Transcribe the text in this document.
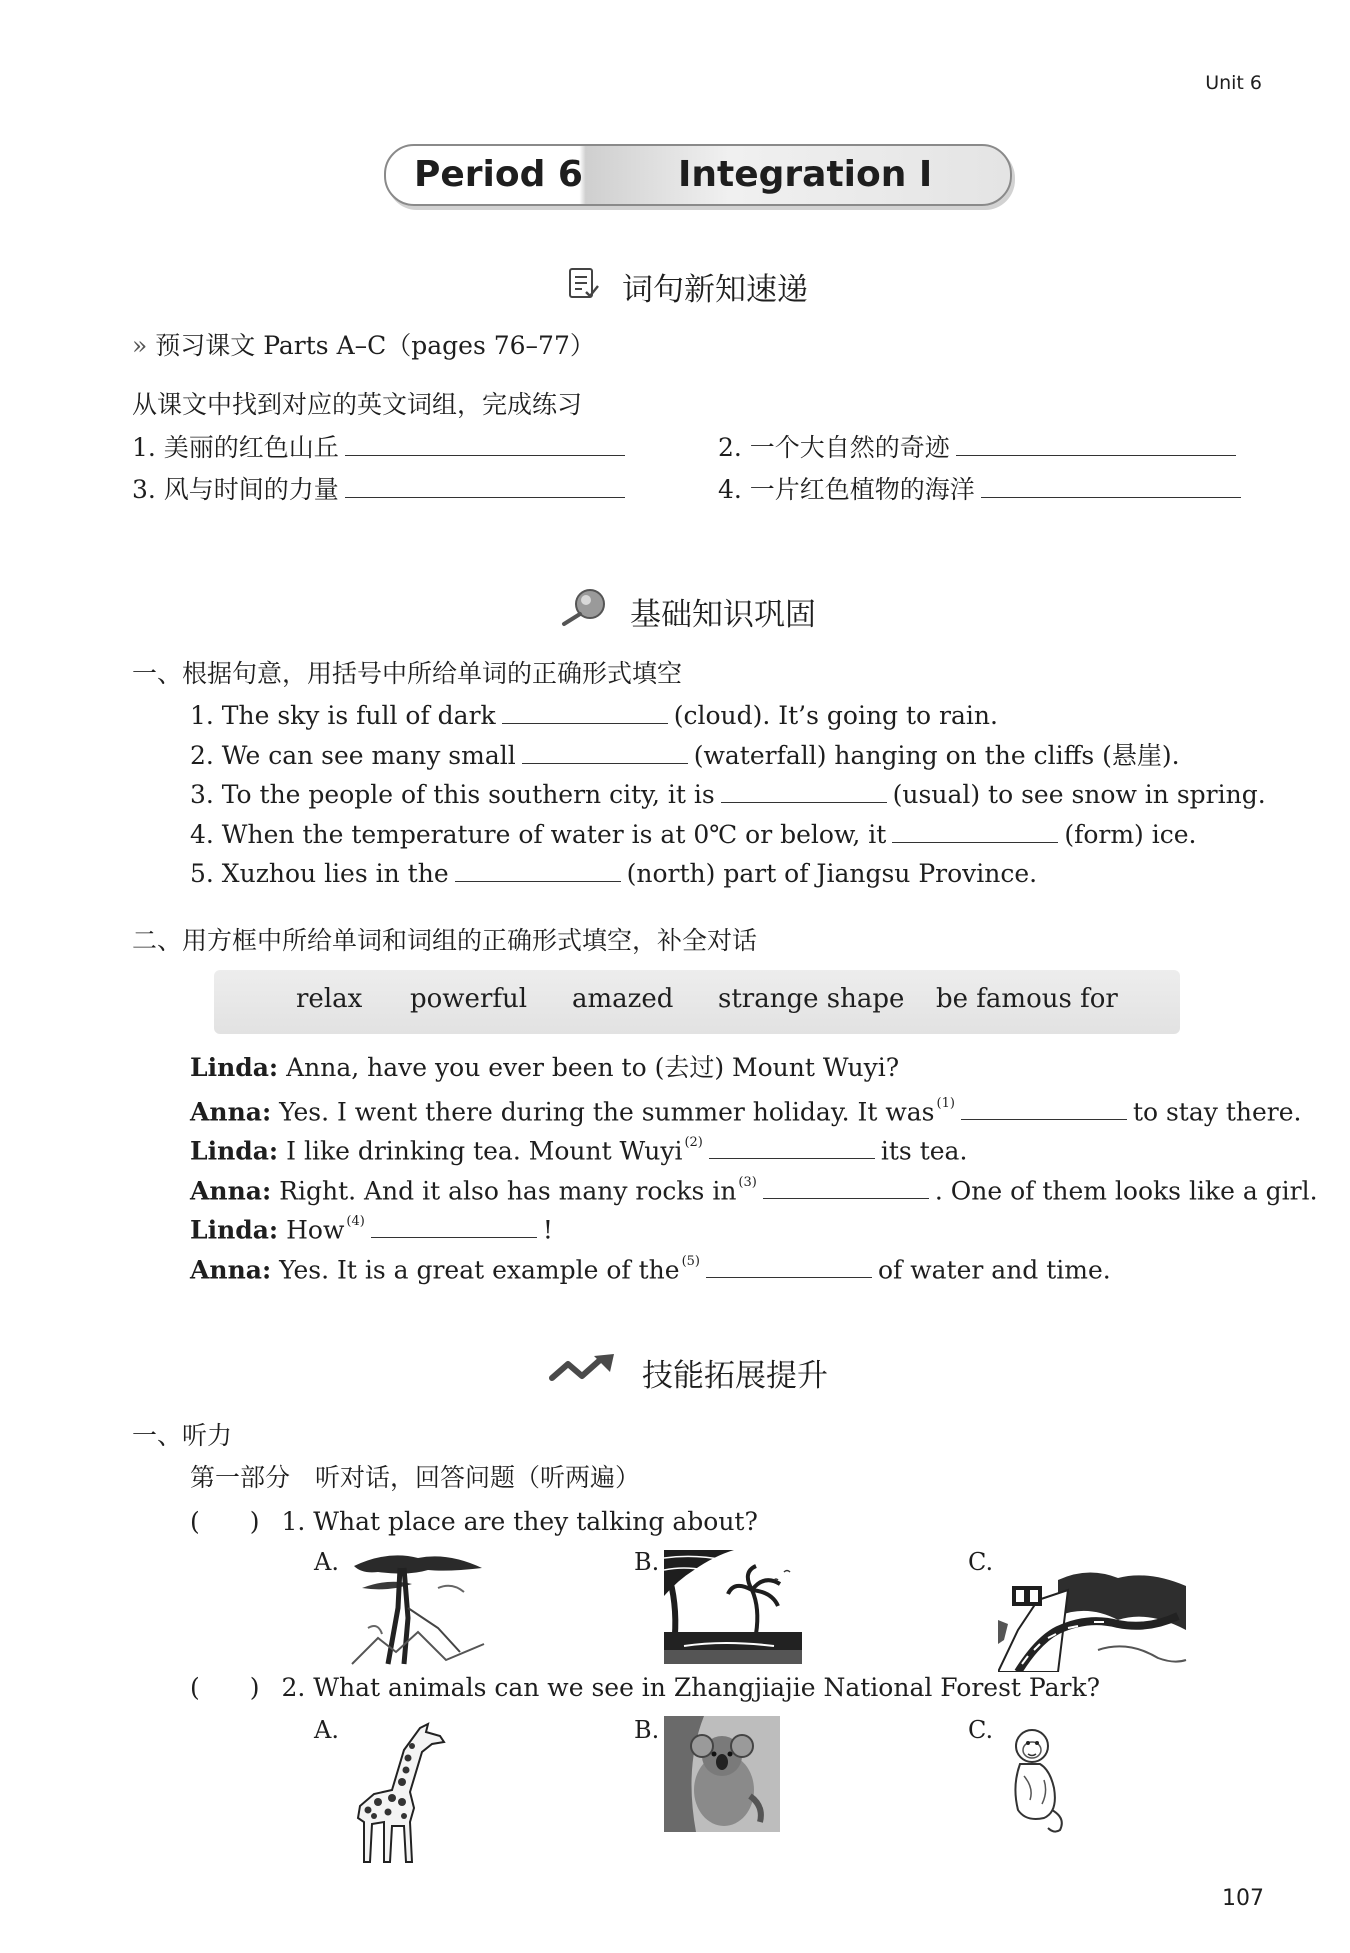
Unit 6
Period 6	Integration I
词句新知速递
» 预习课文 Parts A–C（pages 76–77）
从课文中找到对应的英文词组，完成练习
1. 美丽的红色山丘	2. 一个大自然的奇迹
3. 风与时间的力量	4. 一片红色植物的海洋
基础知识巩固
一、根据句意，用括号中所给单词的正确形式填空
1. The sky is full of dark	(cloud). It’s going to rain.
2. We can see many small	(waterfall) hanging on the cliffs (悬崖).
3. To the people of this southern city, it is	(usual) to see snow in spring.
4. When the temperature of water is at 0℃ or below, it	(form) ice.
5. Xuzhou lies in the	(north) part of Jiangsu Province.
二、用方框中所给单词和词组的正确形式填空，补全对话
relax powerful amazed strange shape be famous for
Linda: Anna, have you ever been to (去过) Mount Wuyi?
Anna: Yes. I went there during the summer holiday. It was $^{(1)}$	to stay there.
Linda: I like drinking tea. Mount Wuyi $^{(2)}$	its tea.
Anna: Right. And it also has many rocks in $^{(3)}$	. One of them looks like a girl.
Linda: How $^{(4)}$	!
Anna: Yes. It is a great example of the $^{(5)}$	of water and time.
技能拓展提升
一、听力
第一部分　听对话，回答问题（听两遍）
(　　) 1. What place are they talking about?
A.	B.	C.
(　　) 2. What animals can we see in Zhangjiajie National Forest Park?
A.	B.	C.
107
